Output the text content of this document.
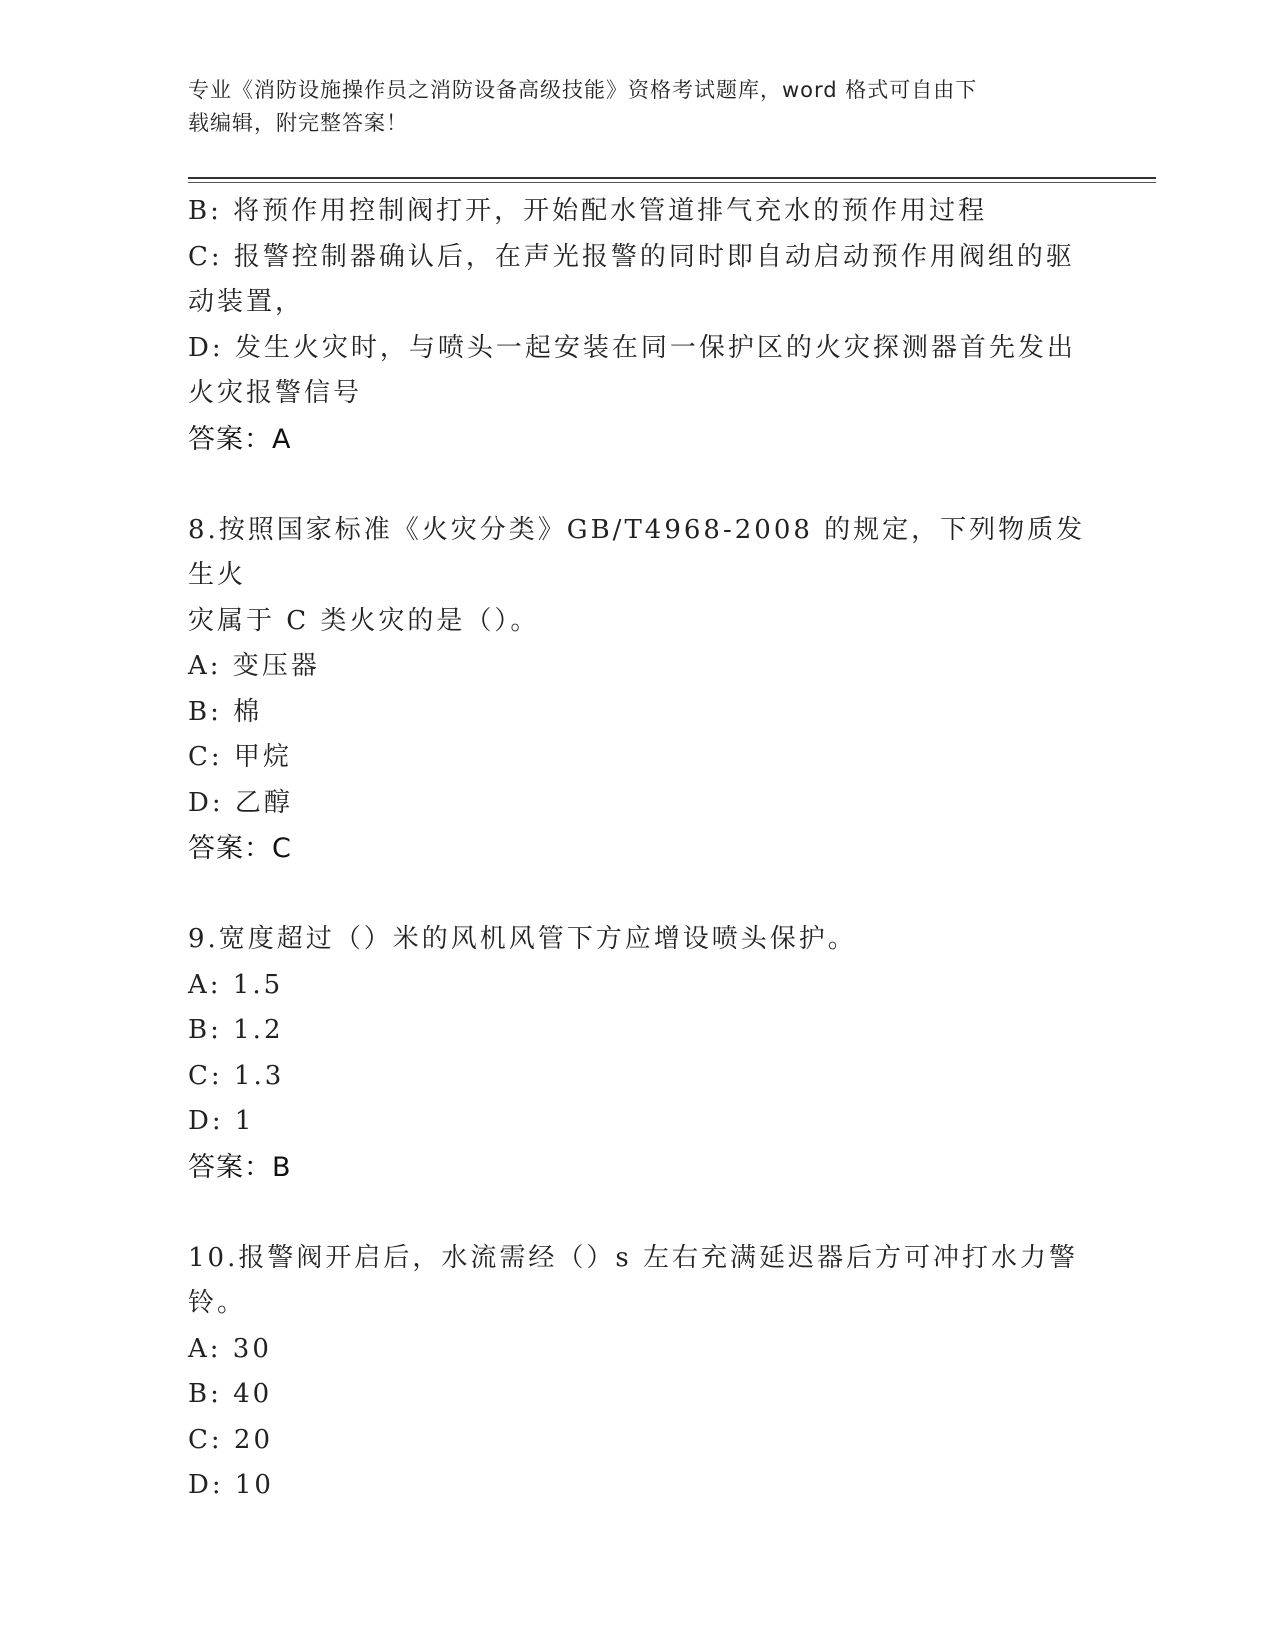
专业《消防设施操作员之消防设备高级技能》资格考试题库，word 格式可自由下
载编辑，附完整答案！
B: 将预作用控制阀打开，开始配水管道排气充水的预作用过程
C: 报警控制器确认后，在声光报警的同时即自动启动预作用阀组的驱
动装置，
D: 发生火灾时，与喷头一起安装在同一保护区的火灾探测器首先发出
火灾报警信号
答案：A
8.按照国家标准《火灾分类》GB/T4968-2008 的规定，下列物质发生火
灾属于 C 类火灾的是（）。
A: 变压器
B: 棉
C: 甲烷
D: 乙醇
答案：C
9.宽度超过（）米的风机风管下方应增设喷头保护。
A: 1.5
B: 1.2
C: 1.3
D: 1
答案：B
10.报警阀开启后，水流需经（）s 左右充满延迟器后方可冲打水力警
铃。
A: 30
B: 40
C: 20
D: 10
